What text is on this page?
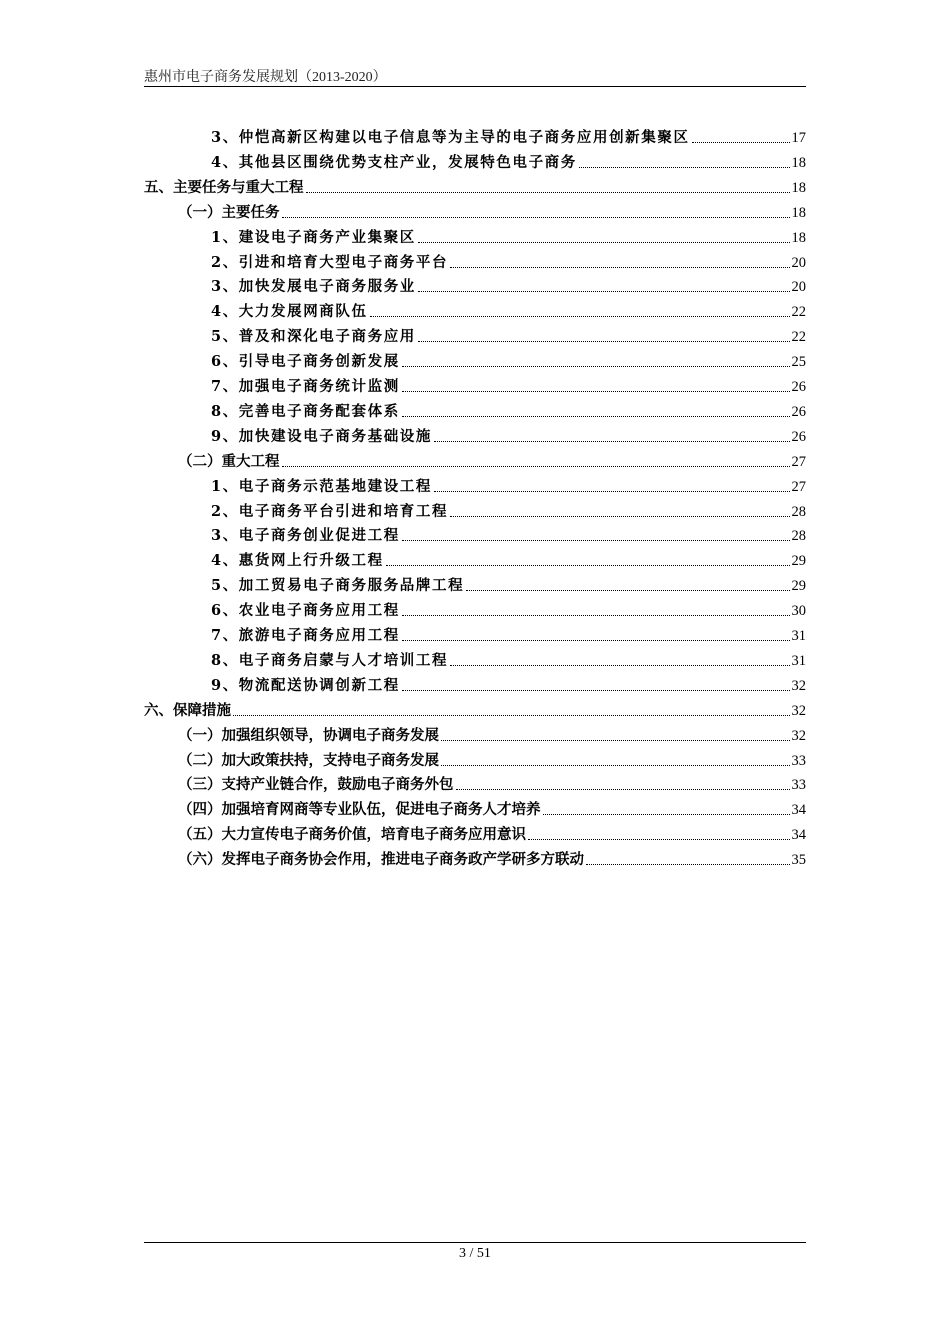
惠州市电子商务发展规划（2013-2020）
3、仲恺高新区构建以电子信息等为主导的电子商务应用创新集聚区	17
4、其他县区围绕优势支柱产业，发展特色电子商务	18
五、主要任务与重大工程	18
（一）主要任务	18
1、建设电子商务产业集聚区	18
2、引进和培育大型电子商务平台	20
3、加快发展电子商务服务业	20
4、大力发展网商队伍	22
5、普及和深化电子商务应用	22
6、引导电子商务创新发展	25
7、加强电子商务统计监测	26
8、完善电子商务配套体系	26
9、加快建设电子商务基础设施	26
（二）重大工程	27
1、电子商务示范基地建设工程	27
2、电子商务平台引进和培育工程	28
3、电子商务创业促进工程	28
4、惠货网上行升级工程	29
5、加工贸易电子商务服务品牌工程	29
6、农业电子商务应用工程	30
7、旅游电子商务应用工程	31
8、电子商务启蒙与人才培训工程	31
9、物流配送协调创新工程	32
六、保障措施	32
（一）加强组织领导，协调电子商务发展	32
（二）加大政策扶持，支持电子商务发展	33
（三）支持产业链合作，鼓励电子商务外包	33
（四）加强培育网商等专业队伍，促进电子商务人才培养	34
（五）大力宣传电子商务价值，培育电子商务应用意识	34
（六）发挥电子商务协会作用，推进电子商务政产学研多方联动	35
3 / 51
